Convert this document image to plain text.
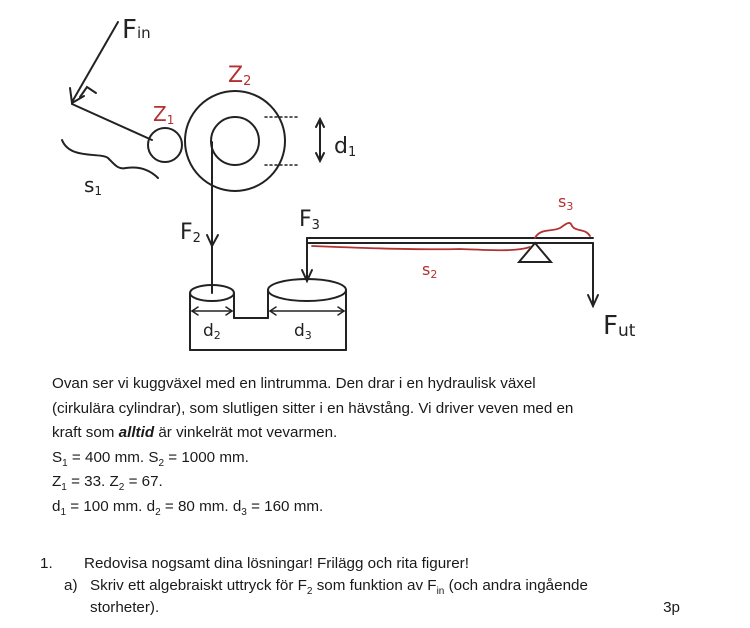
Fin
Z2
Z1
d1
s1
F2
F3
s3
s2
Fut
d2	d3
Ovan ser vi kuggväxel med en lintrumma. Den drar i en hydraulisk växel
(cirkulära cylindrar), som slutligen sitter i en hävstång. Vi driver veven med en
kraft som alltid är vinkelrät mot vevarmen.
$S_1 = 400$ mm. $S_2 = 1000$ mm.
$Z_1 = 33$. $Z_2 = 67$.
$d_1 = 100$ mm. $d_2 = 80$ mm. $d_3 = 160$ mm.
1. Redovisa nogsamt dina lösningar! Frilägg och rita figurer!
a) Skriv ett algebraiskt uttryck för $F_2$ som funktion av $F_{in}$ (och andra ingående
storheter).	3p
